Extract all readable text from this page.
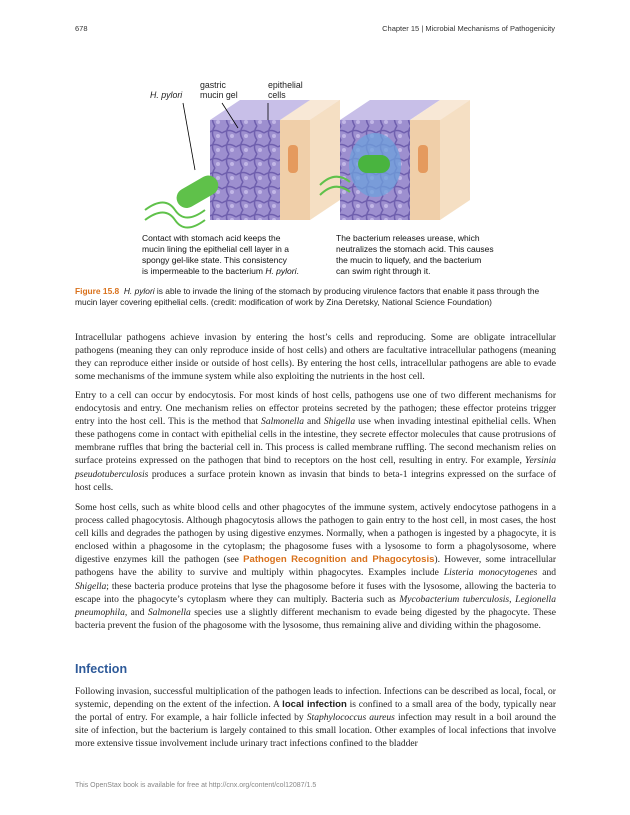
678	Chapter 15 | Microbial Mechanisms of Pathogenicity
H. pylori
gastric
mucin gel
epithelial
cells
Contact with stomach acid keeps the
mucin lining the epithelial cell layer in a
spongy gel-like state. This consistency
is impermeable to the bacterium H. pylori.
The bacterium releases urease, which
neutralizes the stomach acid. This causes
the mucin to liquefy, and the bacterium
can swim right through it.
Figure 15.8 H. pylori is able to invade the lining of the stomach by producing virulence factors that enable it pass through the mucin layer covering epithelial cells. (credit: modification of work by Zina Deretsky, National Science Foundation)

Intracellular pathogens achieve invasion by entering the host’s cells and reproducing. Some are obligate intracellular pathogens (meaning they can only reproduce inside of host cells) and others are facultative intracellular pathogens (meaning they can reproduce either inside or outside of host cells). By entering the host cells, intracellular pathogens are able to evade some mechanisms of the immune system while also exploiting the nutrients in the host cell.

Entry to a cell can occur by endocytosis. For most kinds of host cells, pathogens use one of two different mechanisms for endocytosis and entry. One mechanism relies on effector proteins secreted by the pathogen; these effector proteins trigger entry into the host cell. This is the method that Salmonella and Shigella use when invading intestinal epithelial cells. When these pathogens come in contact with epithelial cells in the intestine, they secrete effector molecules that cause protrusions of membrane ruffles that bring the bacterial cell in. This process is called membrane ruffling. The second mechanism relies on surface proteins expressed on the pathogen that bind to receptors on the host cell, resulting in entry. For example, Yersinia pseudotuberculosis produces a surface protein known as invasin that binds to beta-1 integrins expressed on the surface of host cells.

Some host cells, such as white blood cells and other phagocytes of the immune system, actively endocytose pathogens in a process called phagocytosis. Although phagocytosis allows the pathogen to gain entry to the host cell, in most cases, the host cell kills and degrades the pathogen by using digestive enzymes. Normally, when a pathogen is ingested by a phagocyte, it is enclosed within a phagosome in the cytoplasm; the phagosome fuses with a lysosome to form a phagolysosome, where digestive enzymes kill the pathogen (see Pathogen Recognition and Phagocytosis). However, some intracellular pathogens have the ability to survive and multiply within phagocytes. Examples include Listeria monocytogenes and Shigella; these bacteria produce proteins that lyse the phagosome before it fuses with the lysosome, allowing the bacteria to escape into the phagocyte’s cytoplasm where they can multiply. Bacteria such as Mycobacterium tuberculosis, Legionella pneumophila, and Salmonella species use a slightly different mechanism to evade being digested by the phagocyte. These bacteria prevent the fusion of the phagosome with the lysosome, thus remaining alive and dividing within the phagosome.

Infection

Following invasion, successful multiplication of the pathogen leads to infection. Infections can be described as local, focal, or systemic, depending on the extent of the infection. A local infection is confined to a small area of the body, typically near the portal of entry. For example, a hair follicle infected by Staphylococcus aureus infection may result in a boil around the site of infection, but the bacterium is largely contained to this small location. Other examples of local infections that involve more extensive tissue involvement include urinary tract infections confined to the bladder

This OpenStax book is available for free at http://cnx.org/content/col12087/1.5
